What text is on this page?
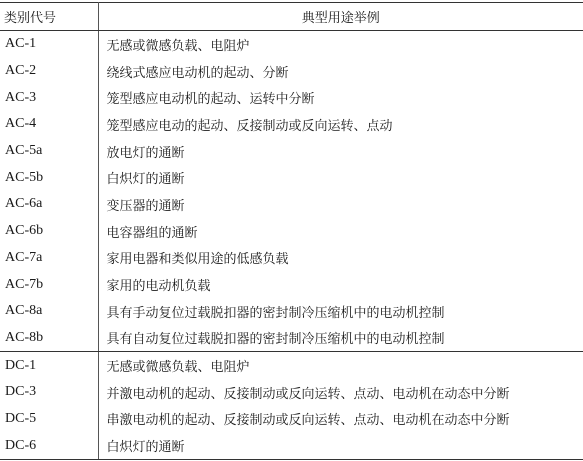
类别代号	典型用途举例
AC-1	无感或微感负载、电阻炉
AC-2	绕线式感应电动机的起动、分断
AC-3	笼型感应电动机的起动、运转中分断
AC-4	笼型感应电动的起动、反接制动或反向运转、点动
AC-5a	放电灯的通断
AC-5b	白炽灯的通断
AC-6a	变压器的通断
AC-6b	电容器组的通断
AC-7a	家用电器和类似用途的低感负载
AC-7b	家用的电动机负载
AC-8a	具有手动复位过载脱扣器的密封制冷压缩机中的电动机控制
AC-8b	具有自动复位过载脱扣器的密封制冷压缩机中的电动机控制
DC-1	无感或微感负载、电阻炉
DC-3	并激电动机的起动、反接制动或反向运转、点动、电动机在动态中分断
DC-5	串激电动机的起动、反接制动或反向运转、点动、电动机在动态中分断
DC-6	白炽灯的通断
